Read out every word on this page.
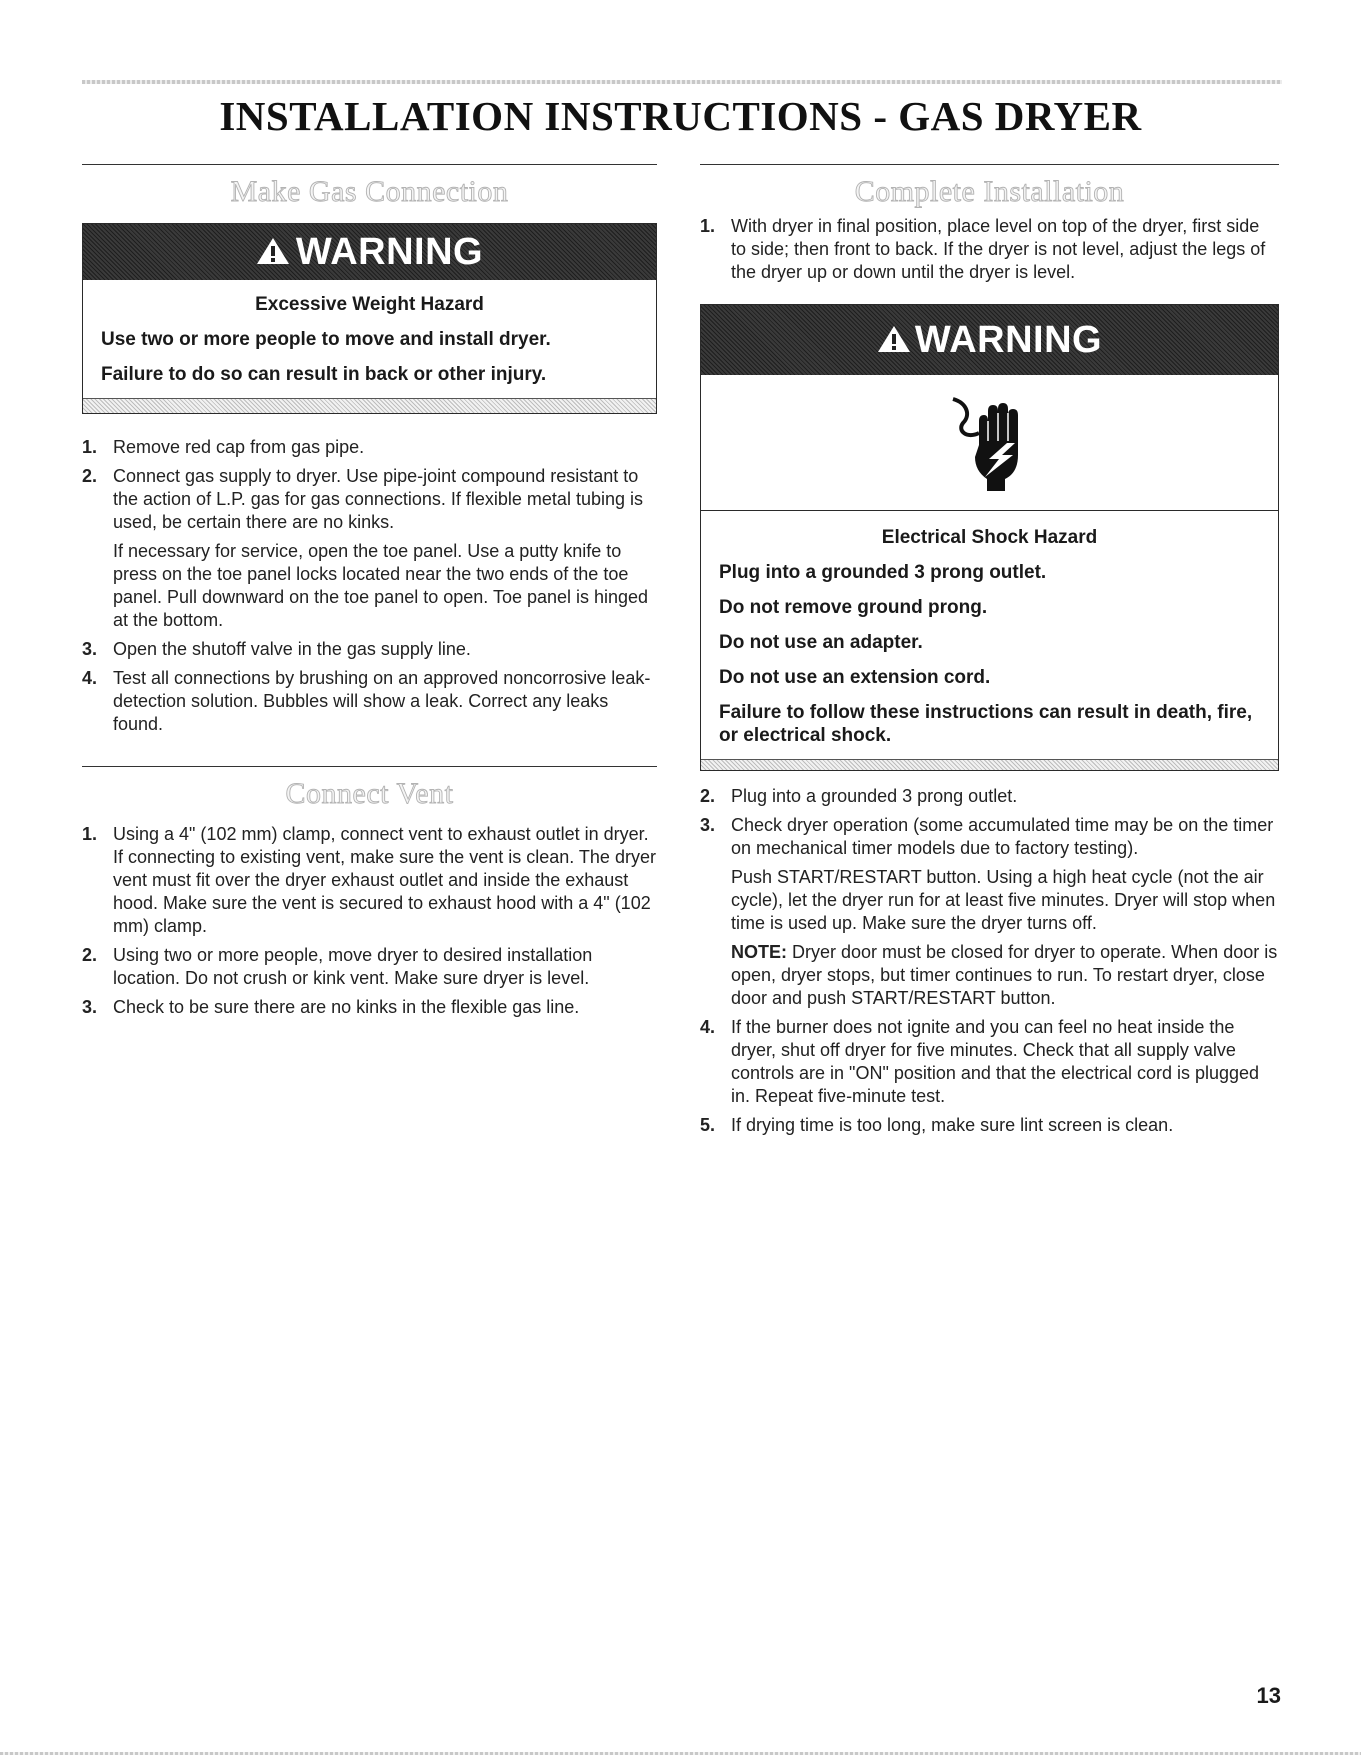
INSTALLATION INSTRUCTIONS - GAS DRYER
Make Gas Connection
WARNING
Excessive Weight Hazard
Use two or more people to move and install dryer.
Failure to do so can result in back or other injury.
1. Remove red cap from gas pipe.

2. Connect gas supply to dryer. Use pipe-joint compound resistant to the action of L.P. gas for gas connections. If flexible metal tubing is used, be certain there are no kinks.

If necessary for service, open the toe panel. Use a putty knife to press on the toe panel locks located near the two ends of the toe panel. Pull downward on the toe panel to open. Toe panel is hinged at the bottom.

3. Open the shutoff valve in the gas supply line.

4. Test all connections by brushing on an approved noncorrosive leak-detection solution. Bubbles will show a leak. Correct any leaks found.

Connect Vent
1. Using a 4" (102 mm) clamp, connect vent to exhaust outlet in dryer. If connecting to existing vent, make sure the vent is clean. The dryer vent must fit over the dryer exhaust outlet and inside the exhaust hood. Make sure the vent is secured to exhaust hood with a 4" (102 mm) clamp.

2. Using two or more people, move dryer to desired installation location. Do not crush or kink vent. Make sure dryer is level.

3. Check to be sure there are no kinks in the flexible gas line.

Complete Installation
1. With dryer in final position, place level on top of the dryer, first side to side; then front to back. If the dryer is not level, adjust the legs of the dryer up or down until the dryer is level.

WARNING
Electrical Shock Hazard
Plug into a grounded 3 prong outlet.
Do not remove ground prong.
Do not use an adapter.
Do not use an extension cord.
Failure to follow these instructions can result in death, fire, or electrical shock.
2. Plug into a grounded 3 prong outlet.

3. Check dryer operation (some accumulated time may be on the timer on mechanical timer models due to factory testing).

Push START/RESTART button. Using a high heat cycle (not the air cycle), let the dryer run for at least five minutes. Dryer will stop when time is used up. Make sure the dryer turns off.

NOTE: Dryer door must be closed for dryer to operate. When door is open, dryer stops, but timer continues to run. To restart dryer, close door and push START/RESTART button.

4. If the burner does not ignite and you can feel no heat inside the dryer, shut off dryer for five minutes. Check that all supply valve controls are in "ON" position and that the electrical cord is plugged in. Repeat five-minute test.

5. If drying time is too long, make sure lint screen is clean.

13
